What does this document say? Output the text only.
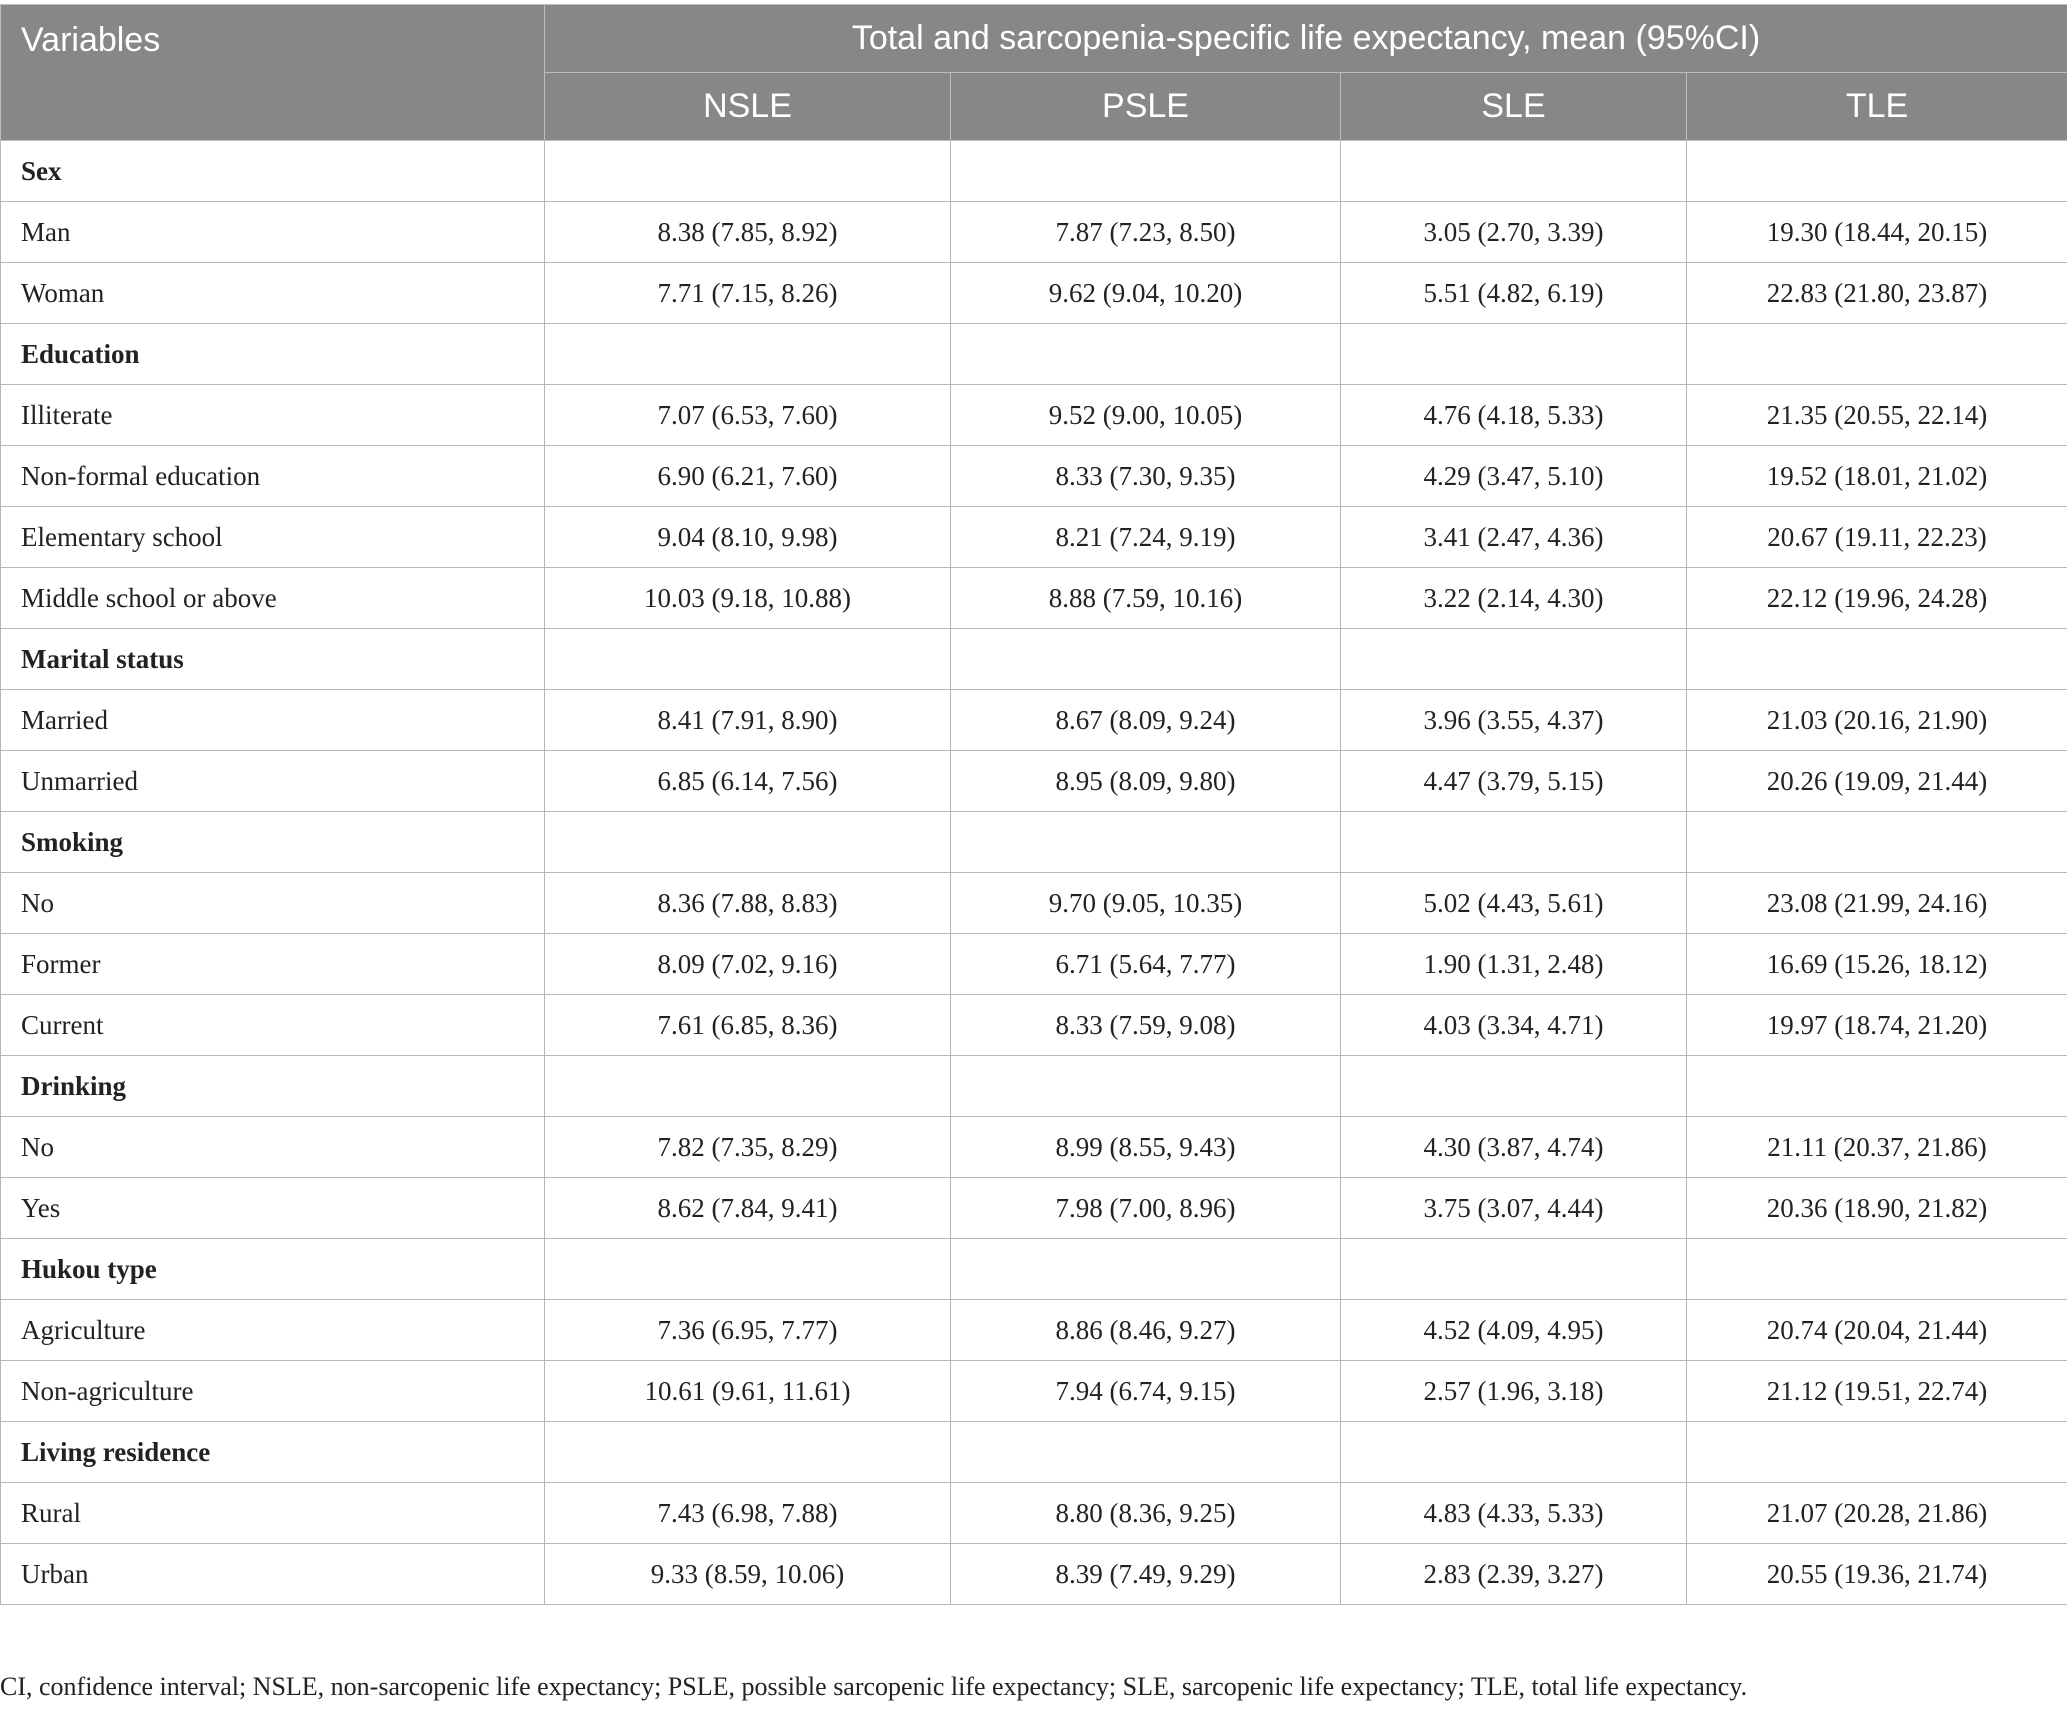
Variables	Total and sarcopenia-specific life expectancy, mean (95%CI)			
	NSLE	PSLE	SLE	TLE
Sex				
Man	8.38 (7.85, 8.92)	7.87 (7.23, 8.50)	3.05 (2.70, 3.39)	19.30 (18.44, 20.15)
Woman	7.71 (7.15, 8.26)	9.62 (9.04, 10.20)	5.51 (4.82, 6.19)	22.83 (21.80, 23.87)
Education				
Illiterate	7.07 (6.53, 7.60)	9.52 (9.00, 10.05)	4.76 (4.18, 5.33)	21.35 (20.55, 22.14)
Non-formal education	6.90 (6.21, 7.60)	8.33 (7.30, 9.35)	4.29 (3.47, 5.10)	19.52 (18.01, 21.02)
Elementary school	9.04 (8.10, 9.98)	8.21 (7.24, 9.19)	3.41 (2.47, 4.36)	20.67 (19.11, 22.23)
Middle school or above	10.03 (9.18, 10.88)	8.88 (7.59, 10.16)	3.22 (2.14, 4.30)	22.12 (19.96, 24.28)
Marital status				
Married	8.41 (7.91, 8.90)	8.67 (8.09, 9.24)	3.96 (3.55, 4.37)	21.03 (20.16, 21.90)
Unmarried	6.85 (6.14, 7.56)	8.95 (8.09, 9.80)	4.47 (3.79, 5.15)	20.26 (19.09, 21.44)
Smoking				
No	8.36 (7.88, 8.83)	9.70 (9.05, 10.35)	5.02 (4.43, 5.61)	23.08 (21.99, 24.16)
Former	8.09 (7.02, 9.16)	6.71 (5.64, 7.77)	1.90 (1.31, 2.48)	16.69 (15.26, 18.12)
Current	7.61 (6.85, 8.36)	8.33 (7.59, 9.08)	4.03 (3.34, 4.71)	19.97 (18.74, 21.20)
Drinking				
No	7.82 (7.35, 8.29)	8.99 (8.55, 9.43)	4.30 (3.87, 4.74)	21.11 (20.37, 21.86)
Yes	8.62 (7.84, 9.41)	7.98 (7.00, 8.96)	3.75 (3.07, 4.44)	20.36 (18.90, 21.82)
Hukou type				
Agriculture	7.36 (6.95, 7.77)	8.86 (8.46, 9.27)	4.52 (4.09, 4.95)	20.74 (20.04, 21.44)
Non-agriculture	10.61 (9.61, 11.61)	7.94 (6.74, 9.15)	2.57 (1.96, 3.18)	21.12 (19.51, 22.74)
Living residence				
Rural	7.43 (6.98, 7.88)	8.80 (8.36, 9.25)	4.83 (4.33, 5.33)	21.07 (20.28, 21.86)
Urban	9.33 (8.59, 10.06)	8.39 (7.49, 9.29)	2.83 (2.39, 3.27)	20.55 (19.36, 21.74)
CI, confidence interval; NSLE, non-sarcopenic life expectancy; PSLE, possible sarcopenic life expectancy; SLE, sarcopenic life expectancy; TLE, total life expectancy.
